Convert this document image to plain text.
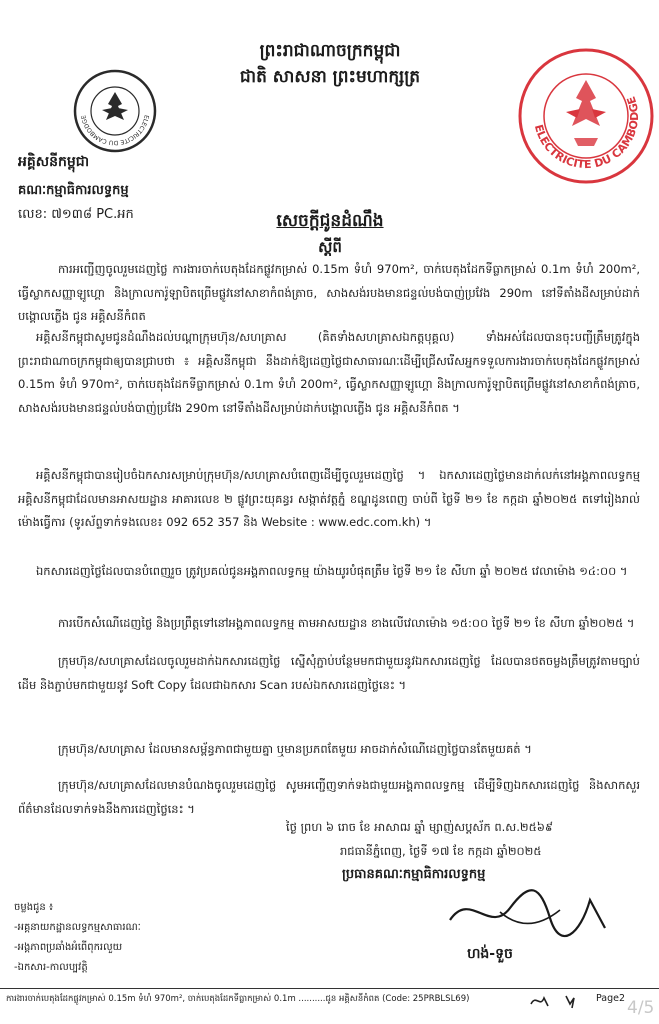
ព្រះរាជាណាចក្រកម្ពុជា
ជាតិ សាសនា ព្រះមហាក្សត្រ
ELECTRICITE DU CAMBODGE
ELECTRICITE DU CAMBODGE
អគ្គិសនីកម្ពុជា
គណៈកម្មាធិការលទ្ធកម្ម
លេខ: ៧១៣៨ PC.អក	សេចក្តីជូនដំណឹង
ស្តីពី
ការអញ្ជើញចូលរួមដេញថ្លៃ ការងារចាក់បេតុងដែកផ្លូវកម្រាស់ 0.15m ទំហំ 970m², ចាក់បេតុងដែកទីធ្លាកម្រាស់ 0.1m ទំហំ 200m², ធ្វើស្លាកសញ្ញាឡូហ្គោ និងក្រាលការ៉ូឡាបិតព្រើម​ផ្លូវនៅសាខាកំពង់ត្រាច, សាងសង់របងមានជន្ទល់បង់បាញ់ប្រវែង 290m នៅទីតាំងដីសម្រាប់ដាក់បង្គោលភ្លើង ជូន អគ្គិសនីកំពត
អគ្គិសនីកម្ពុជាសូមជូនដំណឹងដល់បណ្តាក្រុមហ៊ុន/សហគ្រាស (គិតទាំងសហគ្រាសឯកត្តបុគ្គល) ទាំងអស់ដែលបានចុះបញ្ជីត្រឹមត្រូវក្នុងព្រះរាជាណាចក្រកម្ពុជាឲ្យបានជ្រាបថា ៖ អគ្គិសនីកម្ពុជា នឹងដាក់ឱ្យដេញថ្លៃជាសាធារណៈដើម្បីជ្រើសរើសអ្នកទទួលការងារចាក់បេតុងដែកផ្លូវកម្រាស់ 0.15m ទំហំ 970m², ចាក់បេតុងដែកទីធ្លាកម្រាស់ 0.1m ទំហំ 200m², ធ្វើស្លាកសញ្ញាឡូហ្គោ និងក្រាលការ៉ូឡាបិតព្រើម​ផ្លូវនៅសាខាកំពង់ត្រាច, សាងសង់របងមានជន្ទល់បង់បាញ់ប្រវែង 290m នៅទីតាំងដីសម្រាប់ដាក់បង្គោលភ្លើង ជូន អគ្គិសនីកំពត ។
អគ្គិសនីកម្ពុជាបានរៀបចំឯកសារសម្រាប់ក្រុមហ៊ុន/សហគ្រាសបំពេញដើម្បីចូលរួមដេញថ្លៃ ។ ឯកសារដេញថ្លៃមានដាក់លក់នៅអង្គភាពលទ្ធកម្មអគ្គិសនីកម្ពុជាដែលមានអាសយដ្ឋាន អាគារលេខ ២ ផ្លូវព្រះយុគន្ធរ សង្កាត់វត្តភ្នំ ខណ្ឌដូនពេញ ចាប់ពី ថ្ងៃទី ២១ ខែ កក្កដា ឆ្នាំ២០២៥ តទៅរៀងរាល់ម៉ោងធ្វើការ (ទូរស័ព្ទទាក់ទងលេខ៖ 092 652 357 និង Website : www.edc.com.kh) ។
ឯកសារដេញថ្លៃដែលបានបំពេញរួច ត្រូវប្រគល់ជូនអង្គភាពលទ្ធកម្ម យ៉ាងយូរបំផុតត្រឹម ថ្ងៃទី ២១ ខែ សីហា ឆ្នាំ ២០២៥ វេលាម៉ោង ១៤:០០ ។
ការបើកសំណើដេញថ្លៃ និងប្រព្រឹត្តទៅនៅអង្គភាពលទ្ធកម្ម តាមអាសយដ្ឋាន ខាងលើវេលាម៉ោង ១៥:០០ ថ្ងៃទី ២១ ខែ សីហា ឆ្នាំ២០២៥ ។
ក្រុមហ៊ុន/សហគ្រាសដែលចូលរួមដាក់ឯកសារដេញថ្លៃ ស្នើសុំភ្ជាប់បន្ថែមមកជាមួយនូវឯកសារដេញថ្លៃ ដែលបានថតចម្លងត្រឹមត្រូវតាមច្បាប់ដើម និងភ្ជាប់មកជាមួយនូវ Soft Copy ដែលជាឯកសារ Scan របស់ឯកសារដេញថ្លៃនេះ ។
ក្រុមហ៊ុន/សហគ្រាស ដែលមានសម្ព័ន្ធភាពជាមួយគ្នា ឬមានប្រភពតែមួយ អាចដាក់សំណើដេញថ្លៃបានតែមួយគត់ ។
ក្រុមហ៊ុន/សហគ្រាសដែលមានបំណងចូលរួមដេញថ្លៃ សូមអញ្ជើញទាក់ទងជាមួយអង្គភាពលទ្ធកម្ម ដើម្បីទិញឯកសារដេញថ្លៃ និងសាកសួរព័ត៌មានដែលទាក់ទងនឹងការដេញថ្លៃនេះ ។
ថ្ងៃ ព្រហ ៦ រោច ខែ អាសាឍ ឆ្នាំ ម្សាញ់សប្តស័ក ព.ស.២៥៦៩
រាជធានីភ្នំពេញ, ថ្ងៃទី ១៧ ខែ កក្កដា ឆ្នាំ២០២៥
ប្រធានគណៈកម្មាធិការលទ្ធកម្ម
ចម្លងជូន ៖
-អគ្គនាយកដ្ឋានលទ្ធកម្មសាធារណៈ
-អង្គភាពប្រឆាំងអំពើពុករលួយ
-ឯកសារ-កាលប្បវត្តិ
ហង់-ទួច
ការងារចាក់បេតុងដែកផ្លូវកម្រាស់ 0.15m ទំហំ 970m², ចាក់បេតុងដែកទីធ្លាកម្រាស់ 0.1m ..........ជូន អគ្គិសនីកំពត (Code: 25PRBLSL69)	Page2 4/5
